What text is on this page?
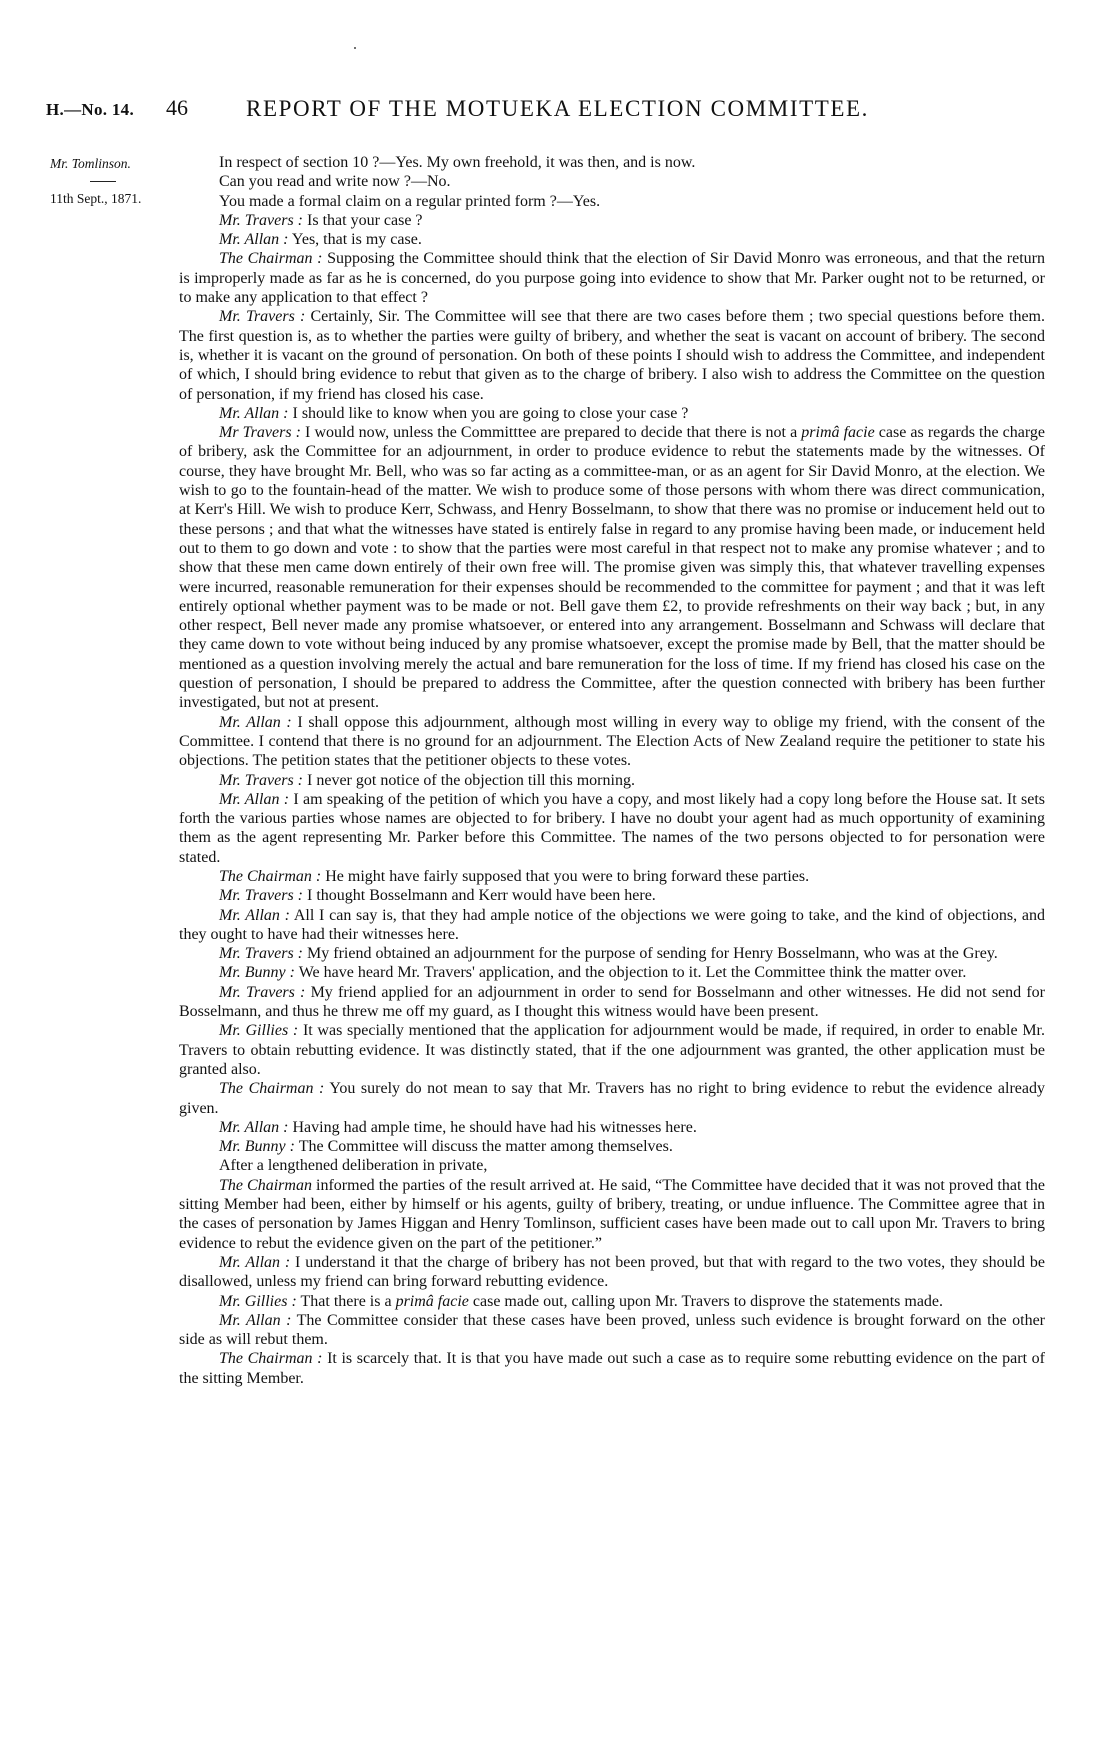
H.—No. 14. 46	REPORT OF THE MOTUEKA ELECTION COMMITTEE.
Mr. Tomlinson.
11th Sept., 1871.

In respect of section 10 ?—Yes. My own freehold, it was then, and is now.

Can you read and write now ?—No.

You made a formal claim on a regular printed form ?—Yes.

Mr. Travers : Is that your case ?

Mr. Allan : Yes, that is my case.

The Chairman : Supposing the Committee should think that the election of Sir David Monro was erroneous, and that the return is improperly made as far as he is concerned, do you purpose going into evidence to show that Mr. Parker ought not to be returned, or to make any application to that effect ?

Mr. Travers : Certainly, Sir. The Committee will see that there are two cases before them ; two special questions before them. The first question is, as to whether the parties were guilty of bribery, and whether the seat is vacant on account of bribery. The second is, whether it is vacant on the ground of personation. On both of these points I should wish to address the Committee, and independent of which, I should bring evidence to rebut that given as to the charge of bribery. I also wish to address the Committee on the question of personation, if my friend has closed his case.

Mr. Allan : I should like to know when you are going to close your case ?

Mr Travers : I would now, unless the Committtee are prepared to decide that there is not a primâ facie case as regards the charge of bribery, ask the Committee for an adjournment, in order to produce evidence to rebut the statements made by the witnesses. Of course, they have brought Mr. Bell, who was so far acting as a committee-man, or as an agent for Sir David Monro, at the election. We wish to go to the fountain-head of the matter. We wish to produce some of those persons with whom there was direct communication, at Kerr's Hill. We wish to produce Kerr, Schwass, and Henry Bosselmann, to show that there was no promise or inducement held out to these persons ; and that what the witnesses have stated is entirely false in regard to any promise having been made, or inducement held out to them to go down and vote : to show that the parties were most careful in that respect not to make any promise whatever ; and to show that these men came down entirely of their own free will. The promise given was simply this, that whatever travelling expenses were incurred, reasonable remuneration for their expenses should be recommended to the committee for payment ; and that it was left entirely optional whether payment was to be made or not. Bell gave them £2, to provide refreshments on their way back ; but, in any other respect, Bell never made any promise whatsoever, or entered into any arrangement. Bosselmann and Schwass will declare that they came down to vote without being induced by any promise whatsoever, except the promise made by Bell, that the matter should be mentioned as a question involving merely the actual and bare remuneration for the loss of time. If my friend has closed his case on the question of personation, I should be prepared to address the Committee, after the question connected with bribery has been further investigated, but not at present.

Mr. Allan : I shall oppose this adjournment, although most willing in every way to oblige my friend, with the consent of the Committee. I contend that there is no ground for an adjournment. The Election Acts of New Zealand require the petitioner to state his objections. The petition states that the petitioner objects to these votes.

Mr. Travers : I never got notice of the objection till this morning.

Mr. Allan : I am speaking of the petition of which you have a copy, and most likely had a copy long before the House sat. It sets forth the various parties whose names are objected to for bribery. I have no doubt your agent had as much opportunity of examining them as the agent representing Mr. Parker before this Committee. The names of the two persons objected to for personation were stated.

The Chairman : He might have fairly supposed that you were to bring forward these parties.

Mr. Travers : I thought Bosselmann and Kerr would have been here.

Mr. Allan : All I can say is, that they had ample notice of the objections we were going to take, and the kind of objections, and they ought to have had their witnesses here.

Mr. Travers : My friend obtained an adjournment for the purpose of sending for Henry Bosselmann, who was at the Grey.

Mr. Bunny : We have heard Mr. Travers' application, and the objection to it. Let the Committee think the matter over.

Mr. Travers : My friend applied for an adjournment in order to send for Bosselmann and other witnesses. He did not send for Bosselmann, and thus he threw me off my guard, as I thought this witness would have been present.

Mr. Gillies : It was specially mentioned that the application for adjournment would be made, if required, in order to enable Mr. Travers to obtain rebutting evidence. It was distinctly stated, that if the one adjournment was granted, the other application must be granted also.

The Chairman : You surely do not mean to say that Mr. Travers has no right to bring evidence to rebut the evidence already given.

Mr. Allan : Having had ample time, he should have had his witnesses here.

Mr. Bunny : The Committee will discuss the matter among themselves.

After a lengthened deliberation in private,

The Chairman informed the parties of the result arrived at. He said, “The Committee have decided that it was not proved that the sitting Member had been, either by himself or his agents, guilty of bribery, treating, or undue influence. The Committee agree that in the cases of personation by James Higgan and Henry Tomlinson, sufficient cases have been made out to call upon Mr. Travers to bring evidence to rebut the evidence given on the part of the petitioner.”

Mr. Allan : I understand it that the charge of bribery has not been proved, but that with regard to the two votes, they should be disallowed, unless my friend can bring forward rebutting evidence.

Mr. Gillies : That there is a primâ facie case made out, calling upon Mr. Travers to disprove the statements made.

Mr. Allan : The Committee consider that these cases have been proved, unless such evidence is brought forward on the other side as will rebut them.

The Chairman : It is scarcely that. It is that you have made out such a case as to require some rebutting evidence on the part of the sitting Member.
